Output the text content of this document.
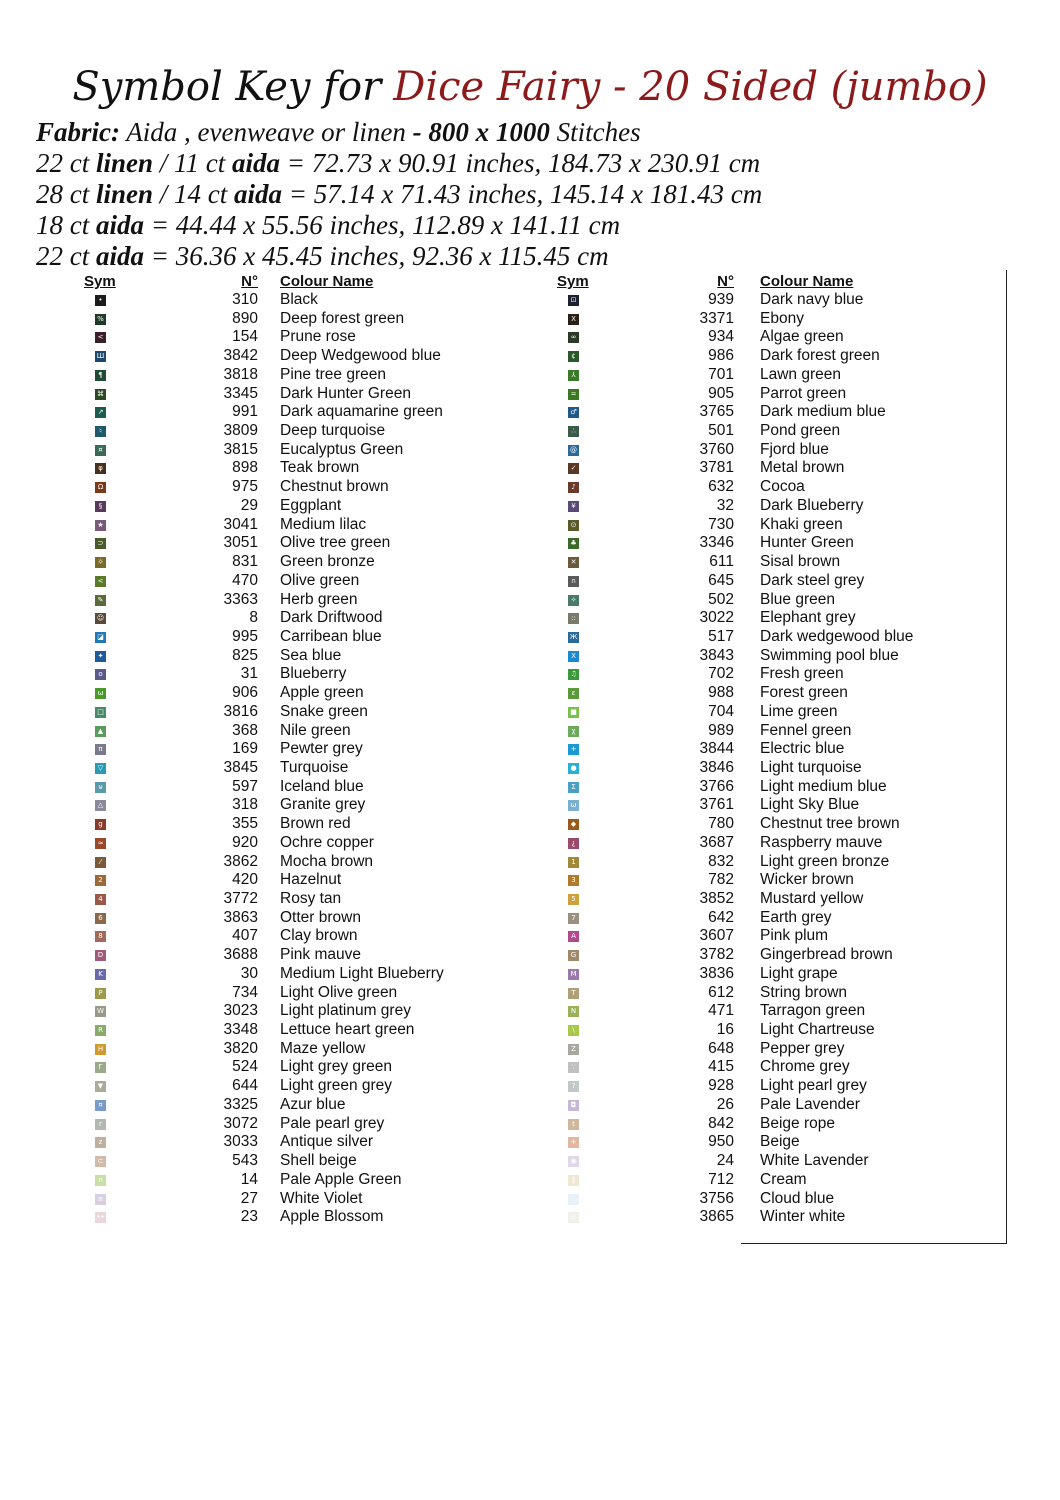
Symbol Key for Dice Fairy - 20 Sided (jumbo)
Fabric: Aida , evenweave or linen - 800 x 1000 Stitches
22 ct linen / 11 ct aida = 72.73 x 90.91 inches, 184.73 x 230.91 cm
28 ct linen / 14 ct aida = 57.14 x 71.43 inches, 145.14 x 181.43 cm
18 ct aida = 44.44 x 55.56 inches, 112.89 x 141.11 cm
22 ct aida = 36.36 x 45.45 inches, 92.36 x 115.45 cm
Sym	N° Colour Name
•	310 Black
%	890 Deep forest green
<	154 Prune rose
Ш	3842 Deep Wedgewood blue
¶	3818 Pine tree green
⌘	3345 Dark Hunter Green
↗	991 Dark aquamarine green
♮	3809 Deep turquoise
¤	3815 Eucalyptus Green
φ	898 Teak brown
Ω	975 Chestnut brown
§	29 Eggplant
★	3041 Medium lilac
⊃	3051 Olive tree green
☼	831 Green bronze
<	470 Olive green
✎	3363 Herb green
☺	8 Dark Driftwood
◪	995 Carribean blue
✦	825 Sea blue
o	31 Blueberry
ω	906 Apple green
□	3816 Snake green
▲	368 Nile green
π	169 Pewter grey
▽	3845 Turquoise
⊎	597 Iceland blue
△	318 Granite grey
g	355 Brown red
≈	920 Ochre copper
⁄	3862 Mocha brown
2	420 Hazelnut
4	3772 Rosy tan
6	3863 Otter brown
8	407 Clay brown
D	3688 Pink mauve
K	30 Medium Light Blueberry
P	734 Light Olive green
W	3023 Light platinum grey
R	3348 Lettuce heart green
H	3820 Maze yellow
Г	524 Light grey green
▼	644 Light green grey
¤	3325 Azur blue
r	3072 Pale pearl grey
z	3033 Antique silver
⊂	543 Shell beige
∩	14 Pale Apple Green
≡	27 White Violet
••	23 Apple Blossom
Sym	N° Colour Name
⊡	939 Dark navy blue
X	3371 Ebony
∞	934 Algae green
¢	986 Dark forest green
⅄	701 Lawn green
=	905 Parrot green
♂	3765 Dark medium blue
∴	501 Pond green
@	3760 Fjord blue
✓	3781 Metal brown
♪	632 Cocoa
¥	32 Dark Blueberry
⊙	730 Khaki green
♣	3346 Hunter Green
✕	611 Sisal brown
∩	645 Dark steel grey
✧	502 Blue green
::	3022 Elephant grey
Ж	517 Dark wedgewood blue
X	3843 Swimming pool blue
♫	702 Fresh green
ε	988 Forest green
■	704 Lime green
χ	989 Fennel green
+	3844 Electric blue
●	3846 Light turquoise
Σ	3766 Light medium blue
ω	3761 Light Sky Blue
◆	780 Chestnut tree brown
¿	3687 Raspberry mauve
1	832 Light green bronze
3	782 Wicker brown
5	3852 Mustard yellow
7	642 Earth grey
A	3607 Pink plum
G	3782 Gingerbread brown
M	3836 Light grape
T	612 String brown
N	471 Tarragon green
\	16 Light Chartreuse
Z	648 Pepper grey
∵	415 Chrome grey
?	928 Light pearl grey
◘	26 Pale Lavender
t	842 Beige rope
+	950 Beige
◉	24 White Lavender
‖	712 Cream
·.	3756 Cloud blue
◎	3865 Winter white
